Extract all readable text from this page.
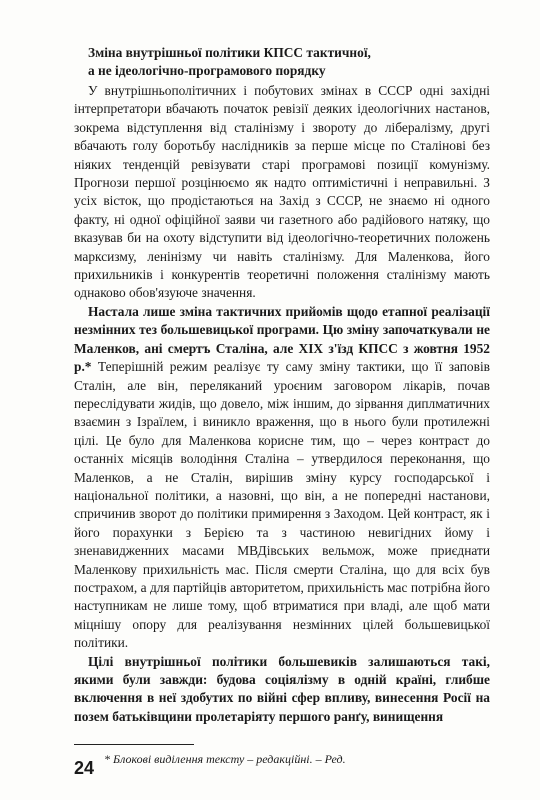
Зміна внутрішньої політики КПСС тактичної,
а не ідеологічно-програмового порядку

У внутрішньополітичних і побутових змінах в СССР одні західні інтерпретатори вбачають початок ревізії деяких ідеологічних настанов, зокрема відступлення від сталінізму і звороту до лібералізму, другі вбачають голу боротьбу наслідників за перше місце по Сталінові без ніяких тенденцій ревізувати старі програмові позиції комунізму. Прогнози першої розцінюємо як надто оптимістичні і неправильні. З усіх вісток, що продістаються на Захід з СССР, не знаємо ні одного факту, ні одної офіційної заяви чи газетного або радійового натяку, що вказував би на охоту відступити від ідеологічно-теоретичних положень марксизму, ленінізму чи навіть сталінізму. Для Маленкова, його прихильників і конкурентів теоретичні положення сталінізму мають однаково обов'язуюче значення.

Настала лише зміна тактичних прийомів щодо етапної реалізації незмінних тез большевицької програми. Цю зміну започаткували не Маленков, ані смертъ Сталіна, але XIX з'їзд КПСС з жовтня 1952 р.* Теперішній режим реалізує ту саму зміну тактики, що її заповів Сталін, але він, переляканий уроєним заговором лікарів, почав переслідувати жидів, що довело, між іншим, до зірвання диплматичних взаємин з Ізраїлем, і виникло враження, що в нього були протилежні цілі. Це було для Маленкова корисне тим, що – через контраст до останніх місяців володіння Сталіна – утвердилося переконання, що Маленков, а не Сталін, вирішив зміну курсу господарської і національної політики, а назовні, що він, а не попередні настанови, спричинив зворот до політики примирення з Заходом. Цей контраст, як і його порахунки з Берією та з частиною невигідних йому і зненавидженних масами МВДівських вельмож, може приєднати Маленкову прихильність мас. Після смерти Сталіна, що для всіх був пострахом, а для партійців авторитетом, прихильність мас потрібна його наступникам не лише тому, щоб втриматися при владі, але щоб мати міцнішу опору для реалізування незмінних цілей большевицької політики.

Цілі внутрішньої політики большевиків залишаються такі, якими були завжди: будова соціялізму в одній країні, глибше включення в неї здобутих по війні сфер впливу, винесення Росії на позем батьківщини пролетаріяту першого ранґу, винищення

* Блокові виділення тексту – редакційні. – Ред.
24
